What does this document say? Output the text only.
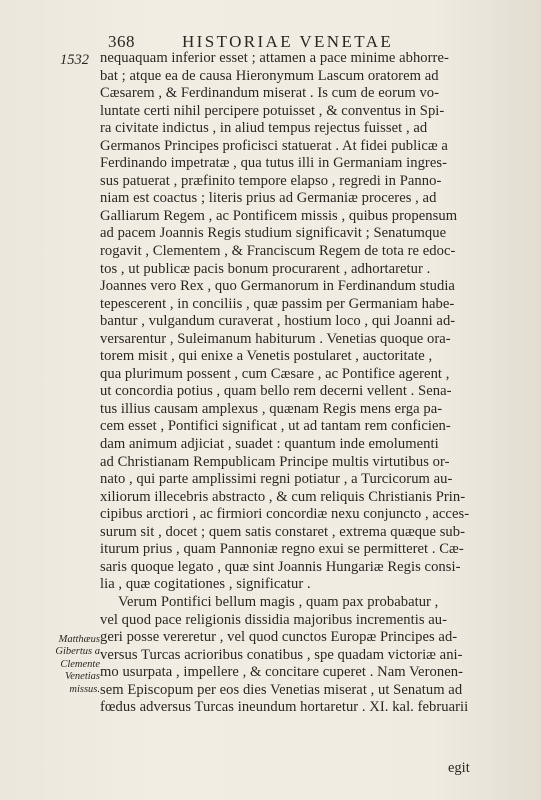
368	HISTORIAE VENETAE
1532 nequaquam inferior esset ; attamen a pace minime abhorre-
bat ; atque ea de causa Hieronymum Lascum oratorem ad
Cæsarem , & Ferdinandum miserat . Is cum de eorum vo-
luntate certi nihil percipere potuisset , & conventus in Spi-
ra civitate indictus , in aliud tempus rejectus fuisset , ad
Germanos Principes proficisci statuerat . At fidei publicæ a
Ferdinando impetratæ , qua tutus illi in Germaniam ingres-
sus patuerat , præfinito tempore elapso , regredi in Panno-
niam est coactus ; literis prius ad Germaniæ proceres , ad
Galliarum Regem , ac Pontificem missis , quibus propensum
ad pacem Joannis Regis studium significavit ; Senatumque
rogavit , Clementem , & Franciscum Regem de tota re edoc-
tos , ut publicæ pacis bonum procurarent , adhortaretur .
Joannes vero Rex , quo Germanorum in Ferdinandum studia
tepescerent , in conciliis , quæ passim per Germaniam habe-
bantur , vulgandum curaverat , hostium loco , qui Joanni ad-
versarentur , Suleimanum habiturum . Venetias quoque ora-
torem misit , qui enixe a Venetis postularet , auctoritate ,
qua plurimum possent , cum Cæsare , ac Pontifice agerent ,
ut concordia potius , quam bello rem decerni vellent . Sena-
tus illius causam amplexus , quænam Regis mens erga pa-
cem esset , Pontifici significat , ut ad tantam rem conficien-
dam animum adjiciat , suadet : quantum inde emolumenti
ad Christianam Rempublicam Principe multis virtutibus or-
nato , qui parte amplissimi regni potiatur , a Turcicorum au-
xiliorum illecebris abstracto , & cum reliquis Christianis Prin-
cipibus arctiori , ac firmiori concordiæ nexu conjuncto , acces-
surum sit , docet ; quem satis constaret , extrema quæque sub-
iturum prius , quam Pannoniæ regno exui se permitteret . Cæ-
saris quoque legato , quæ sint Joannis Hungariæ Regis consi-
lia , quæ cogitationes , significatur .
Verum Pontifici bellum magis , quam pax probabatur ,
vel quod pace religionis dissidia majoribus incrementis au-
geri posse vereretur , vel quod cunctos Europæ Principes ad-
versus Turcas acrioribus conatibus , spe quadam victoriæ ani-
mo usurpata , impellere , & concitare cuperet . Nam Veronen-
sem Episcopum per eos dies Venetias miserat , ut Senatum ad
fœdus adversus Turcas ineundum hortaretur . XI. kal. februarii
Matthæus
Gibertus a
Clemente
Venetias
missus.
egit
